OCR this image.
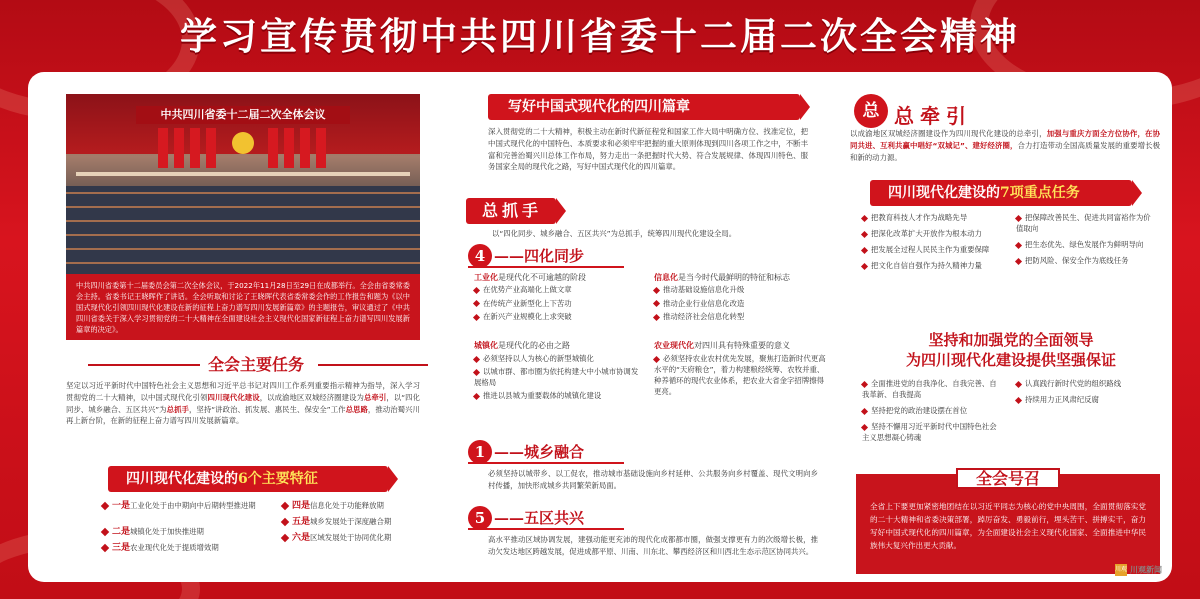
学习宣传贯彻中共四川省委十二届二次全会精神
中共四川省委十二届二次全体会议
中共四川省委第十二届委员会第二次全体会议，于2022年11月28日至29日在成都举行。全会由省委常委会主持。省委书记王晓晖作了讲话。全会听取和讨论了王晓晖代表省委常委会作的工作报告和题为《以中国式现代化引领四川现代化建设在新的征程上奋力谱写四川发展新篇章》的主题报告，审议通过了《中共四川省委关于深入学习贯彻党的二十大精神在全面建设社会主义现代化国家新征程上奋力谱写四川发展新篇章的决定》。
全会主要任务
坚定以习近平新时代中国特色社会主义思想和习近平总书记对四川工作系列重要指示精神为指导，深入学习贯彻党的二十大精神，以中国式现代化引领四川现代化建设，以成渝地区双城经济圈建设为总牵引，以“四化同步、城乡融合、五区共兴”为总抓手，坚持“讲政治、抓发展、惠民生、保安全”工作总思路，推动治蜀兴川再上新台阶，在新的征程上奋力谱写四川发展新篇章。
四川现代化建设的6个主要特征
一是工业化处于由中期向中后期转型推进期
二是城镇化处于加快推进期
三是农业现代化处于提质增效期
四是信息化处于功能释放期
五是城乡发展处于深度融合期
六是区域发展处于协同优化期
写好中国式现代化的四川篇章
深入贯彻党的二十大精神，积极主动在新时代新征程党和国家工作大局中明确方位、找准定位，把中国式现代化的中国特色、本质要求和必须牢牢把握的重大原则体现到四川各项工作之中，不断丰富和完善治蜀兴川总体工作布局，努力走出一条把握时代大势、符合发展规律、体现四川特色、服务国家全局的现代化之路，写好中国式现代化的四川篇章。
总抓手
以“四化同步、城乡融合、五区共兴”为总抓手，统筹四川现代化建设全局。
4 ——四化同步
工业化是现代化不可逾越的阶段
在优势产业高端化上做文章
在传统产业新型化上下苦功
在新兴产业规模化上求突破
信息化是当今时代最鲜明的特征和标志
推动基础设施信息化升级
推动企业行业信息化改造
推动经济社会信息化转型
城镇化是现代化的必由之路
必须坚持以人为核心的新型城镇化
以城市群、都市圈为依托构建大中小城市协调发展格局
推进以县城为重要载体的城镇化建设
农业现代化对四川具有特殊重要的意义
必须坚持农业农村优先发展，聚焦打造新时代更高水平的“天府粮仓”，着力构建粮经统筹、农牧并重、种养循环的现代农业体系，把农业大省金字招牌擦得更亮。
1 ——城乡融合
必须坚持以城带乡、以工促农，推动城市基础设施向乡村延伸、公共服务向乡村覆盖、现代文明向乡村传播，加快形成城乡共同繁荣新局面。
5 ——五区共兴
高水平推动区域协调发展，建强动能更充沛的现代化成都都市圈，做强支撑更有力的次级增长极，推动欠发达地区跨越发展，促进成都平原、川南、川东北、攀西经济区和川西北生态示范区协同共兴。
总 总牵引
以成渝地区双城经济圈建设作为四川现代化建设的总牵引，加强与重庆方面全方位协作，在协同共进、互利共赢中唱好“双城记”、建好经济圈，合力打造带动全国高质量发展的重要增长极和新的动力源。
四川现代化建设的7项重点任务
把教育科技人才作为战略先导
把深化改革扩大开放作为根本动力
把发展全过程人民民主作为重要保障
把文化自信自强作为持久精神力量
把保障改善民生、促进共同富裕作为价值取向
把生态优先、绿色发展作为鲜明导向
把防风险、保安全作为底线任务
坚持和加强党的全面领导
为四川现代化建设提供坚强保证
全面推进党的自我净化、自我完善、自我革新、自我提高
坚持把党的政治建设摆在首位
坚持不懈用习近平新时代中国特色社会主义思想凝心铸魂
认真践行新时代党的组织路线
持续用力正风肃纪反腐
全会号召
全省上下要更加紧密地团结在以习近平同志为核心的党中央周围，全面贯彻落实党的二十大精神和省委决策部署，踔厉奋发、勇毅前行，埋头苦干、拼搏实干，奋力写好中国式现代化的四川篇章，为全面建设社会主义现代化国家、全面推进中华民族伟大复兴作出更大贡献。
川观 川观新闻
